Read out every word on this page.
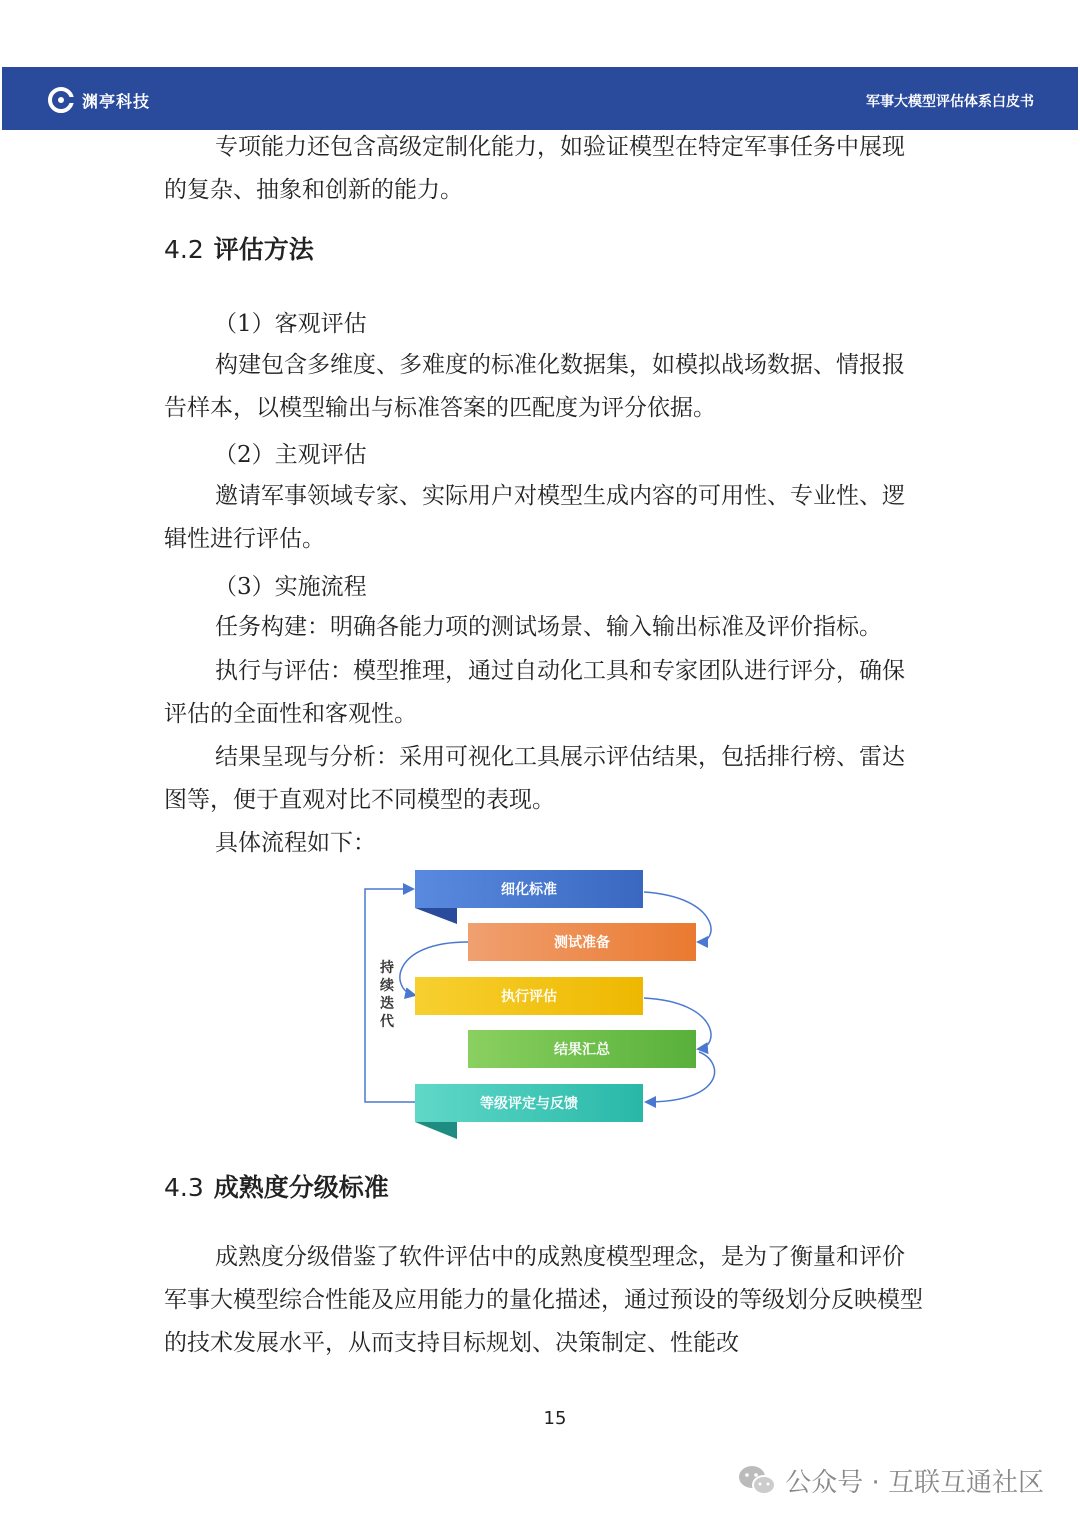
渊亭科技	军事大模型评估体系白皮书

专项能力还包含高级定制化能力，如验证模型在特定军事任务中展现的复杂、抽象和创新的能力。

4.2 评估方法

（1）客观评估

构建包含多维度、多难度的标准化数据集，如模拟战场数据、情报报告样本，以模型输出与标准答案的匹配度为评分依据。

（2）主观评估

邀请军事领域专家、实际用户对模型生成内容的可用性、专业性、逻辑性进行评估。

（3）实施流程

任务构建：明确各能力项的测试场景、输入输出标准及评价指标。

执行与评估：模型推理，通过自动化工具和专家团队进行评分，确保评估的全面性和客观性。

结果呈现与分析：采用可视化工具展示评估结果，包括排行榜、雷达图等，便于直观对比不同模型的表现。

具体流程如下：

持
续
迭
代
细化标准
测试准备
执行评估
结果汇总
等级评定与反馈
4.3 成熟度分级标准

成熟度分级借鉴了软件评估中的成熟度模型理念，是为了衡量和评价军事大模型综合性能及应用能力的量化描述，通过预设的等级划分反映模型的技术发展水平，从而支持目标规划、决策制定、性能改

15
公众号 · 互联互通社区
